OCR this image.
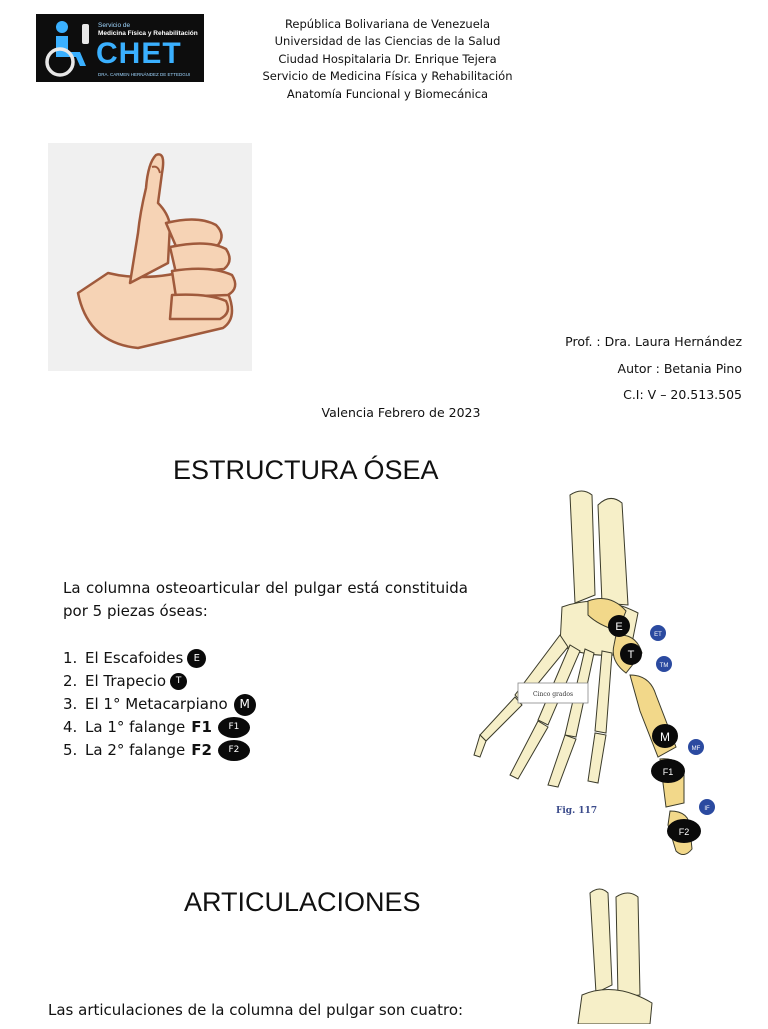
Servicio de
Medicina Física y Rehabilitación
CHET
DRA. CARMEN HERNÁNDEZ DE ETTEDGUI
República Bolivariana de Venezuela
Universidad de las Ciencias de la Salud
Ciudad Hospitalaria Dr. Enrique Tejera
Servicio de Medicina Física y Rehabilitación
Anatomía Funcional y Biomecánica
Prof. : Dra. Laura Hernández
Autor : Betania Pino
C.I: V – 20.513.505
Valencia Febrero de 2023
ESTRUCTURA ÓSEA
La columna osteoarticular del pulgar está constituida por 5 piezas óseas:
1. El Escafoides	E
2. El Trapecio	T
3. El 1° Metacarpiano M
4. La 1° falange F1	F1
5. La 2° falange F2	F2
Cinco grados
E
T
M
F1
F2
ET
TM
MF
IF
Fig. 117
ARTICULACIONES
Las articulaciones de la columna del pulgar son cuatro:
